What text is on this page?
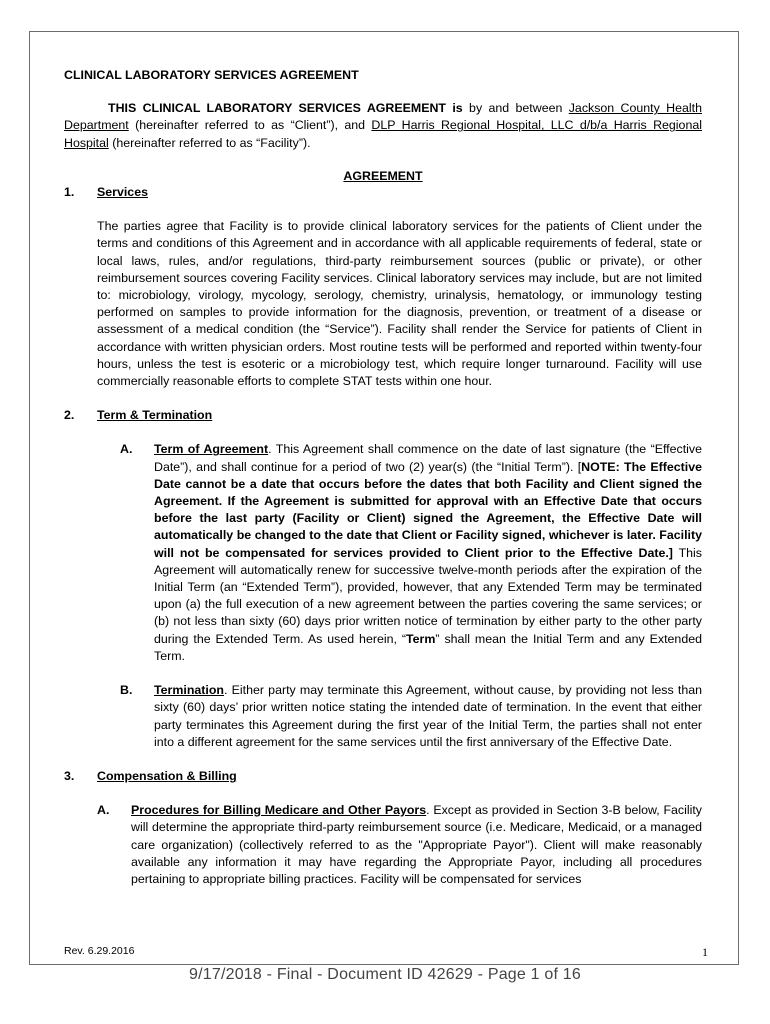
CLINICAL LABORATORY SERVICES AGREEMENT
THIS CLINICAL LABORATORY SERVICES AGREEMENT is by and between Jackson County Health Department (hereinafter referred to as “Client”), and DLP Harris Regional Hospital, LLC d/b/a Harris Regional Hospital (hereinafter referred to as “Facility”).
AGREEMENT
1.	Services
The parties agree that Facility is to provide clinical laboratory services for the patients of Client under the terms and conditions of this Agreement and in accordance with all applicable requirements of federal, state or local laws, rules, and/or regulations, third-party reimbursement sources (public or private), or other reimbursement sources covering Facility services. Clinical laboratory services may include, but are not limited to: microbiology, virology, mycology, serology, chemistry, urinalysis, hematology, or immunology testing performed on samples to provide information for the diagnosis, prevention, or treatment of a disease or assessment of a medical condition (the “Service”). Facility shall render the Service for patients of Client in accordance with written physician orders. Most routine tests will be performed and reported within twenty-four hours, unless the test is esoteric or a microbiology test, which require longer turnaround. Facility will use commercially reasonable efforts to complete STAT tests within one hour.
2.	Term & Termination
A.	Term of Agreement. This Agreement shall commence on the date of last signature (the “Effective Date”), and shall continue for a period of two (2) year(s) (the “Initial Term”). [NOTE: The Effective Date cannot be a date that occurs before the dates that both Facility and Client signed the Agreement. If the Agreement is submitted for approval with an Effective Date that occurs before the last party (Facility or Client) signed the Agreement, the Effective Date will automatically be changed to the date that Client or Facility signed, whichever is later. Facility will not be compensated for services provided to Client prior to the Effective Date.] This Agreement will automatically renew for successive twelve-month periods after the expiration of the Initial Term (an “Extended Term”), provided, however, that any Extended Term may be terminated upon (a) the full execution of a new agreement between the parties covering the same services; or (b) not less than sixty (60) days prior written notice of termination by either party to the other party during the Extended Term. As used herein, “Term” shall mean the Initial Term and any Extended Term.
B.	Termination. Either party may terminate this Agreement, without cause, by providing not less than sixty (60) days’ prior written notice stating the intended date of termination. In the event that either party terminates this Agreement during the first year of the Initial Term, the parties shall not enter into a different agreement for the same services until the first anniversary of the Effective Date.
3.	Compensation & Billing
A.	Procedures for Billing Medicare and Other Payors. Except as provided in Section 3-B below, Facility will determine the appropriate third-party reimbursement source (i.e. Medicare, Medicaid, or a managed care organization) (collectively referred to as the "Appropriate Payor"). Client will make reasonably available any information it may have regarding the Appropriate Payor, including all procedures pertaining to appropriate billing practices. Facility will be compensated for services
Rev. 6.29.2016	1
9/17/2018 - Final - Document ID 42629 - Page 1 of 16
